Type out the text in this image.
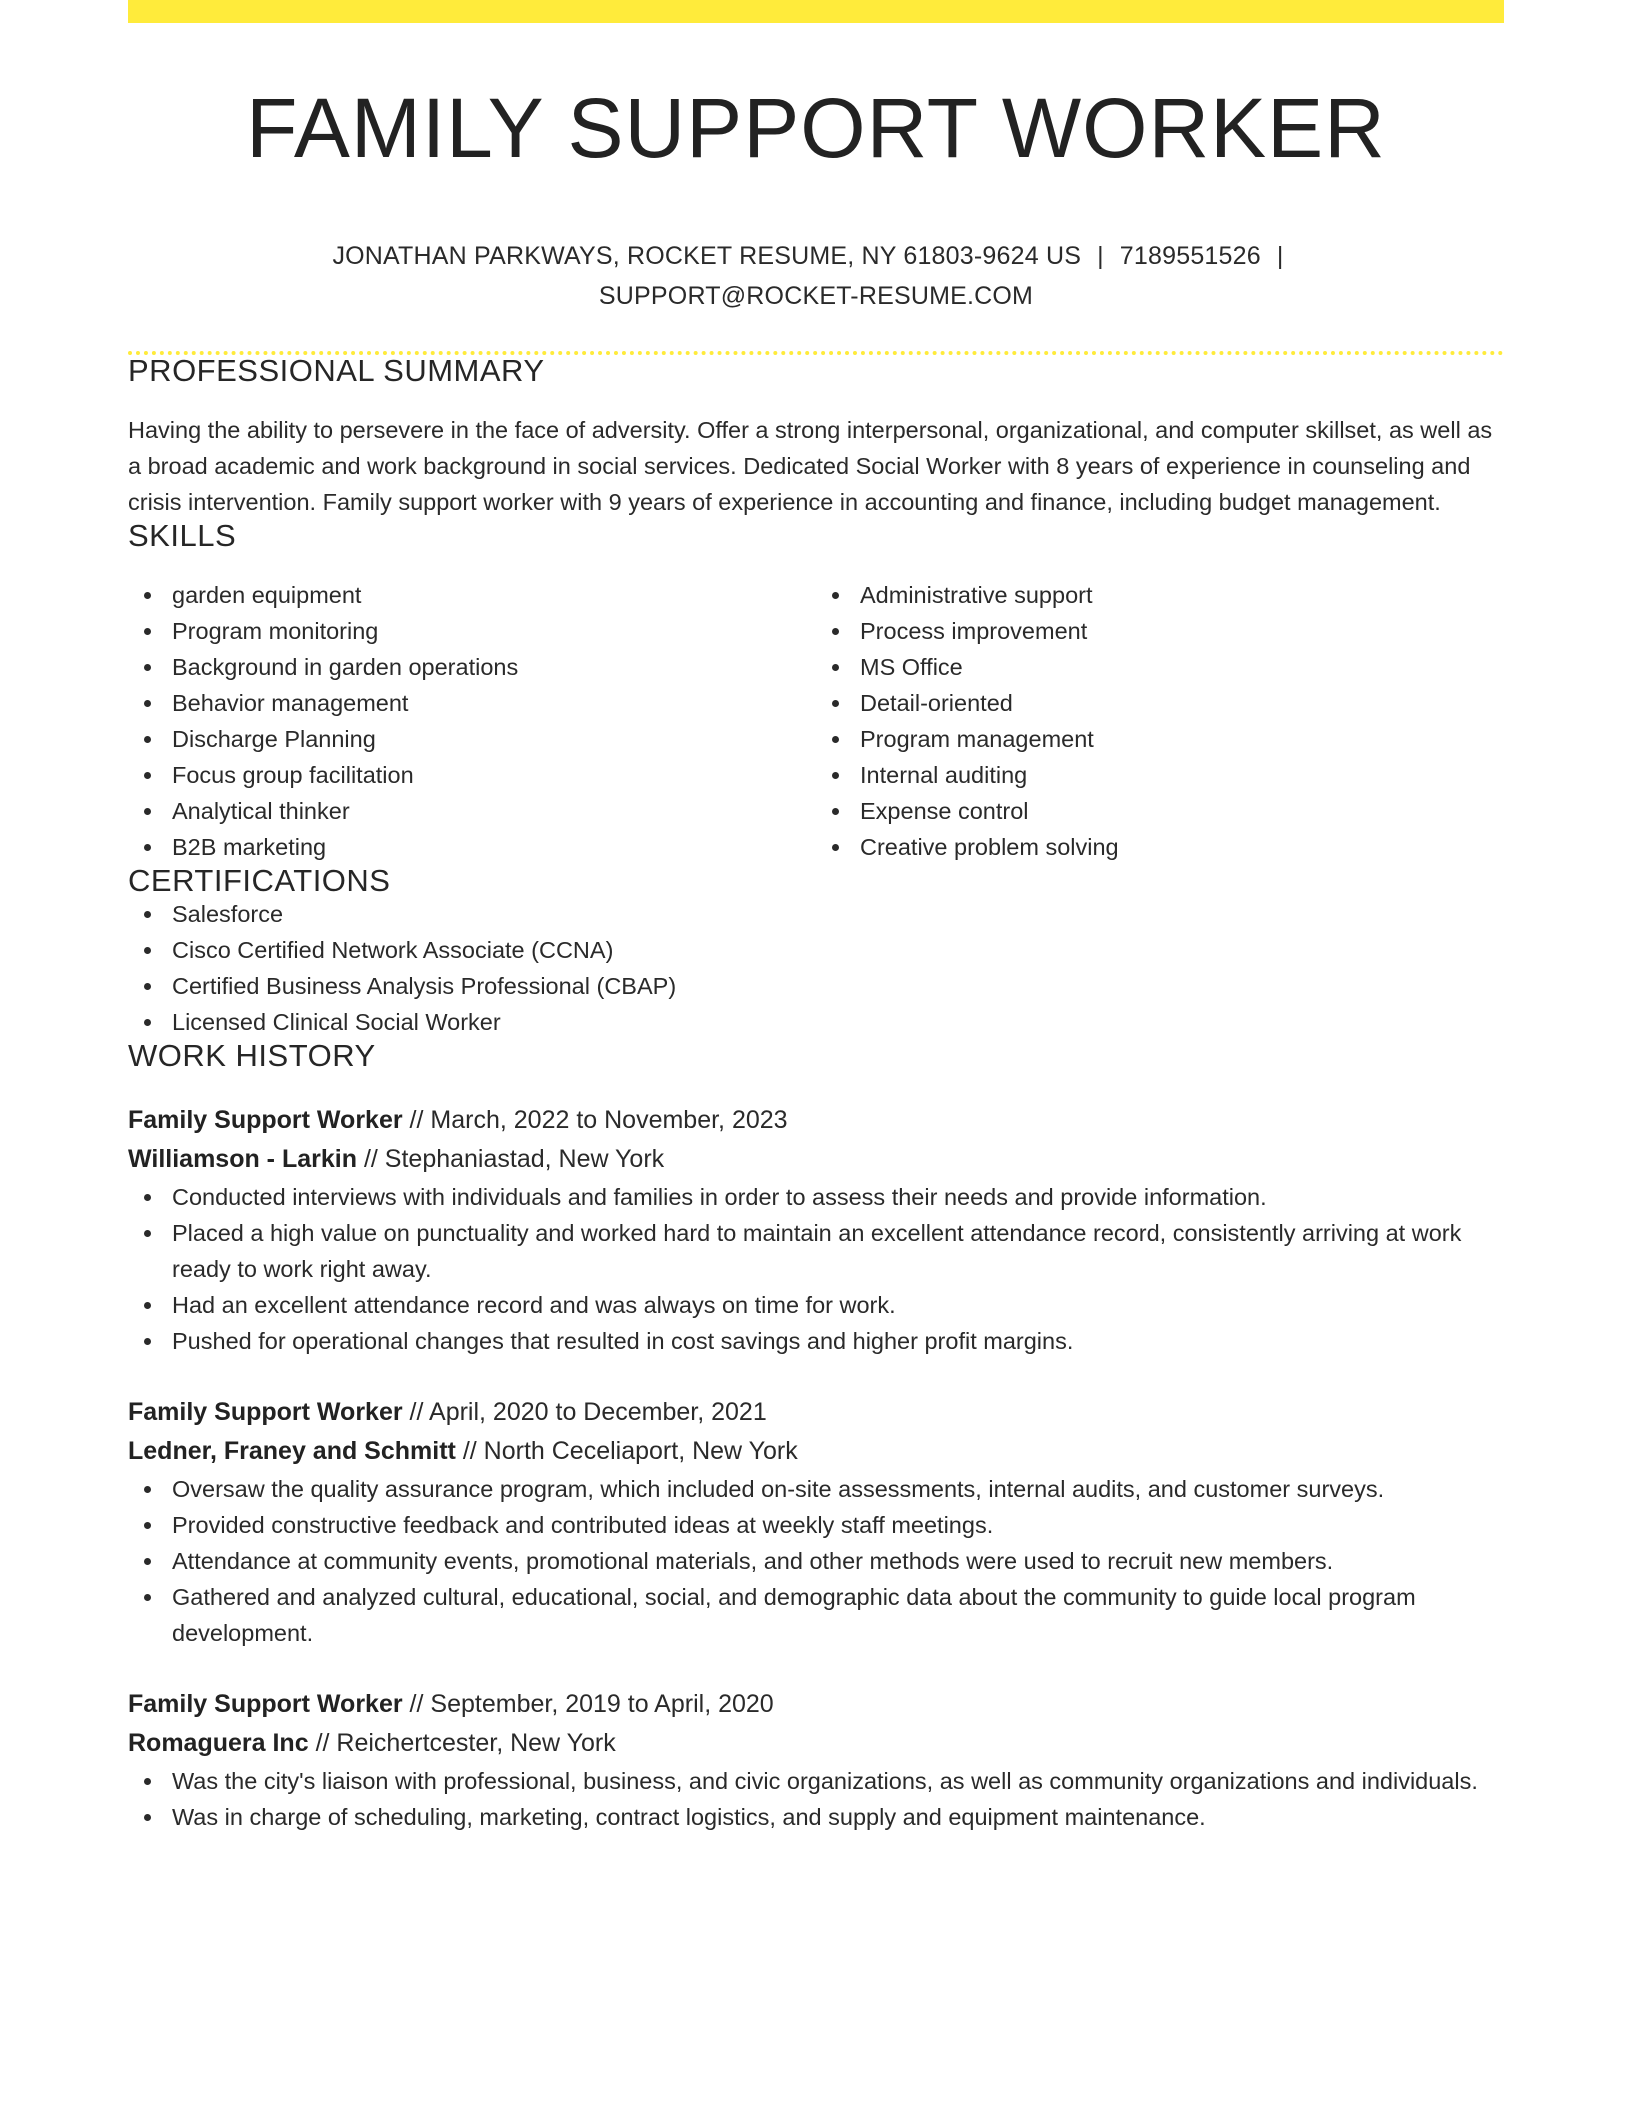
FAMILY SUPPORT WORKER
JONATHAN PARKWAYS, ROCKET RESUME, NY 61803-9624 US | 7189551526 |
SUPPORT@ROCKET-RESUME.COM
PROFESSIONAL SUMMARY

Having the ability to persevere in the face of adversity. Offer a strong interpersonal, organizational, and computer skillset, as well as a broad academic and work background in social services. Dedicated Social Worker with 8 years of experience in counseling and crisis intervention. Family support worker with 9 years of experience in accounting and finance, including budget management.

SKILLS
garden equipment
Program monitoring
Background in garden operations
Behavior management
Discharge Planning
Focus group facilitation
Analytical thinker
B2B marketing
Administrative support
Process improvement
MS Office
Detail-oriented
Program management
Internal auditing
Expense control
Creative problem solving
CERTIFICATIONS
Salesforce
Cisco Certified Network Associate (CCNA)
Certified Business Analysis Professional (CBAP)
Licensed Clinical Social Worker
WORK HISTORY
Family Support Worker // March, 2022 to November, 2023
Williamson - Larkin // Stephaniastad, New York
Conducted interviews with individuals and families in order to assess their needs and provide information.
Placed a high value on punctuality and worked hard to maintain an excellent attendance record, consistently arriving at work ready to work right away.
Had an excellent attendance record and was always on time for work.
Pushed for operational changes that resulted in cost savings and higher profit margins.
Family Support Worker // April, 2020 to December, 2021
Ledner, Franey and Schmitt // North Ceceliaport, New York
Oversaw the quality assurance program, which included on-site assessments, internal audits, and customer surveys.
Provided constructive feedback and contributed ideas at weekly staff meetings.
Attendance at community events, promotional materials, and other methods were used to recruit new members.
Gathered and analyzed cultural, educational, social, and demographic data about the community to guide local program development.
Family Support Worker // September, 2019 to April, 2020
Romaguera Inc // Reichertcester, New York
Was the city's liaison with professional, business, and civic organizations, as well as community organizations and individuals.
Was in charge of scheduling, marketing, contract logistics, and supply and equipment maintenance.
